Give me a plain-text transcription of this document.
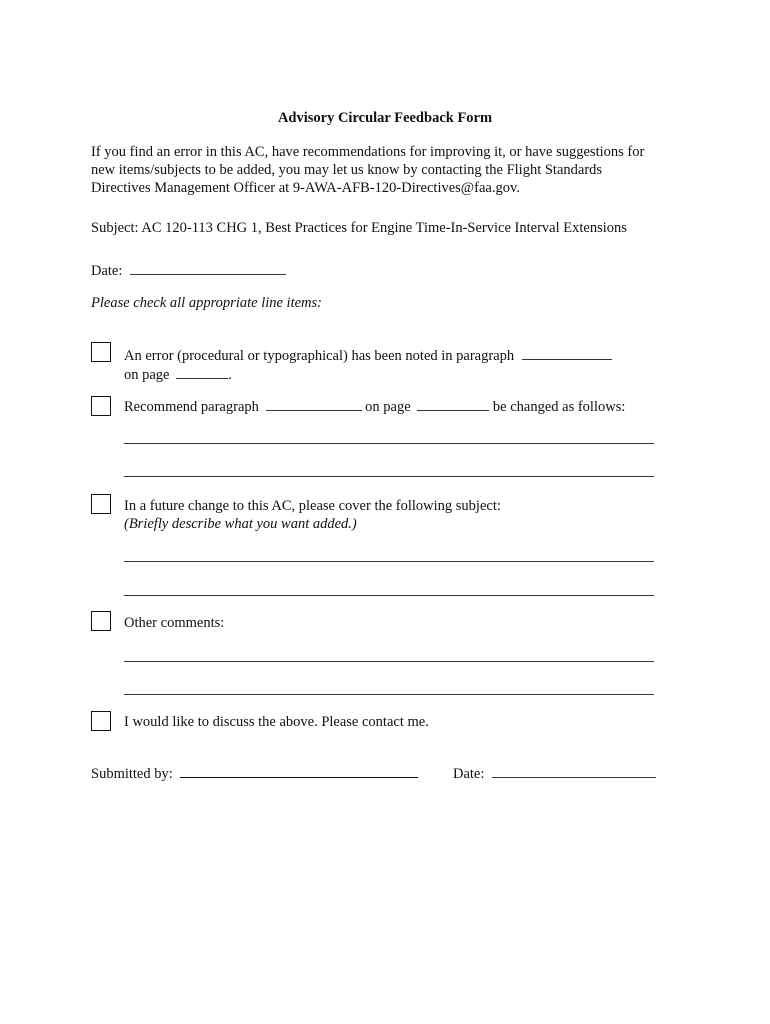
Advisory Circular Feedback Form
If you find an error in this AC, have recommendations for improving it, or have suggestions for
new items/subjects to be added, you may let us know by contacting the Flight Standards
Directives Management Officer at 9-AWA-AFB-120-Directives@faa.gov.
Subject: AC 120-113 CHG 1, Best Practices for Engine Time-In-Service Interval Extensions
Date:
Please check all appropriate line items:
An error (procedural or typographical) has been noted in paragraph
on page	.
Recommend paragraph	on page	be changed as follows:
In a future change to this AC, please cover the following subject:
(Briefly describe what you want added.)
Other comments:
I would like to discuss the above. Please contact me.
Submitted by:	Date:
